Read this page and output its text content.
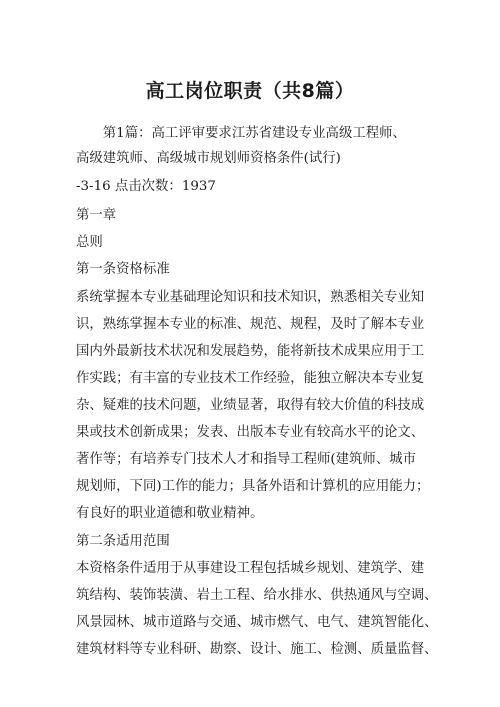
高工岗位职责（共8篇）

　　第1篇：高工评审要求江苏省建设专业高级工程师、

高级建筑师、高级城市规划师资格条件(试行)

-3-16 点击次数：1937

第一章

总则

第一条资格标准

系统掌握本专业基础理论知识和技术知识，熟悉相关专业知

识，熟练掌握本专业的标准、规范、规程，及时了解本专业

国内外最新技术状况和发展趋势，能将新技术成果应用于工

作实践；有丰富的专业技术工作经验，能独立解决本专业复

杂、疑难的技术问题，业绩显著，取得有较大价值的科技成

果或技术创新成果；发表、出版本专业有较高水平的论文、

著作等；有培养专门技术人才和指导工程师(建筑师、城市

规划师，下同)工作的能力；具备外语和计算机的应用能力；

有良好的职业道德和敬业精神。

第二条适用范围

本资格条件适用于从事建设工程包括城乡规划、建筑学、建

筑结构、装饰装潢、岩土工程、给水排水、供热通风与空调、

风景园林、城市道路与交通、城市燃气、电气、建筑智能化、

建筑材料等专业科研、勘察、设计、施工、检测、质量监督、
